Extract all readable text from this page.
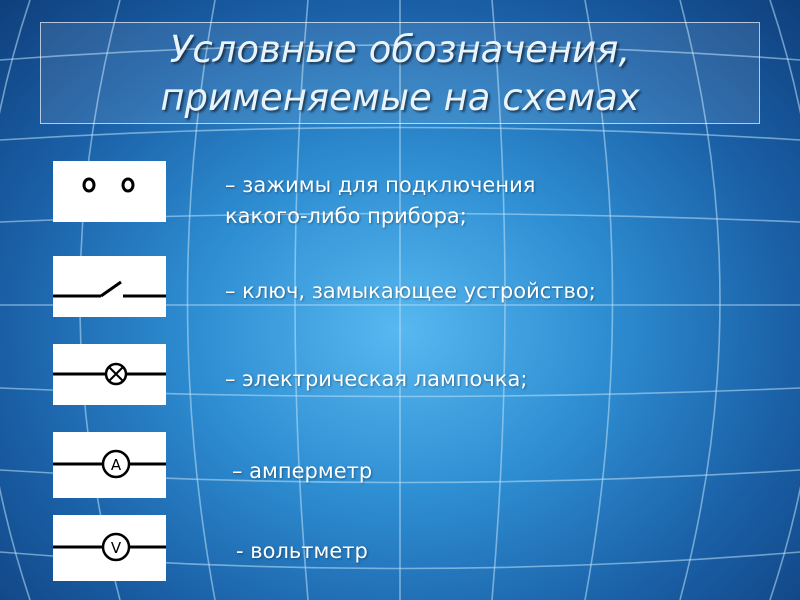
Условные обозначения,
применяемые на схемах
– зажимы для подключения
какого-либо прибора;
– ключ, замыкающее устройство;
– электрическая лампочка;
A	– амперметр
V	- вольтметр
